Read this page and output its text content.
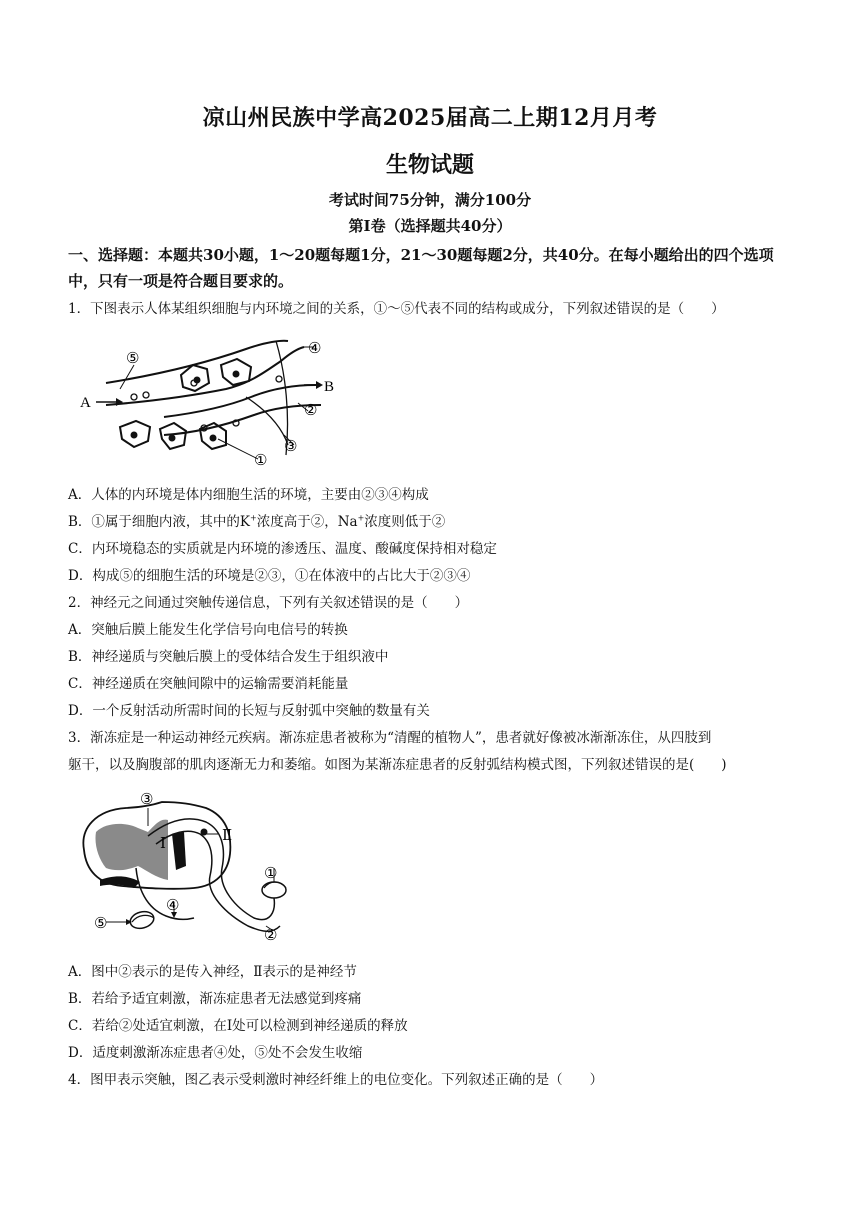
凉山州民族中学高2025届高二上期12月月考
生物试题
考试时间75分钟，满分100分
第Ⅰ卷（选择题共40分）
一、选择题：本题共30小题，1～20题每题1分，21～30题每题2分，共40分。在每小题给出的四个选项中，只有一项是符合题目要求的。
1．下图表示人体某组织细胞与内环境之间的关系，①～⑤代表不同的结构或成分，下列叙述错误的是（　　）
A
B
⑤
④
②
③
①
A．人体的内环境是体内细胞生活的环境，主要由②③④构成
B．①属于细胞内液，其中的K+浓度高于②，Na+浓度则低于②
C．内环境稳态的实质就是内环境的渗透压、温度、酸碱度保持相对稳定
D．构成⑤的细胞生活的环境是②③，①在体液中的占比大于②③④
2．神经元之间通过突触传递信息，下列有关叙述错误的是（　　）
A．突触后膜上能发生化学信号向电信号的转换
B．神经递质与突触后膜上的受体结合发生于组织液中
C．神经递质在突触间隙中的运输需要消耗能量
D．一个反射活动所需时间的长短与反射弧中突触的数量有关
3．渐冻症是一种运动神经元疾病。渐冻症患者被称为“清醒的植物人”，患者就好像被冰渐渐冻住，从四肢到
躯干，以及胸腹部的肌肉逐渐无力和萎缩。如图为某渐冻症患者的反射弧结构模式图，下列叙述错误的是(　　)
③
Ⅰ	Ⅱ
①
④
⑤
②
A．图中②表示的是传入神经，Ⅱ表示的是神经节
B．若给予适宜刺激，渐冻症患者无法感觉到疼痛
C．若给②处适宜刺激，在Ⅰ处可以检测到神经递质的释放
D．适度刺激渐冻症患者④处，⑤处不会发生收缩
4．图甲表示突触，图乙表示受刺激时神经纤维上的电位变化。下列叙述正确的是（　　）
